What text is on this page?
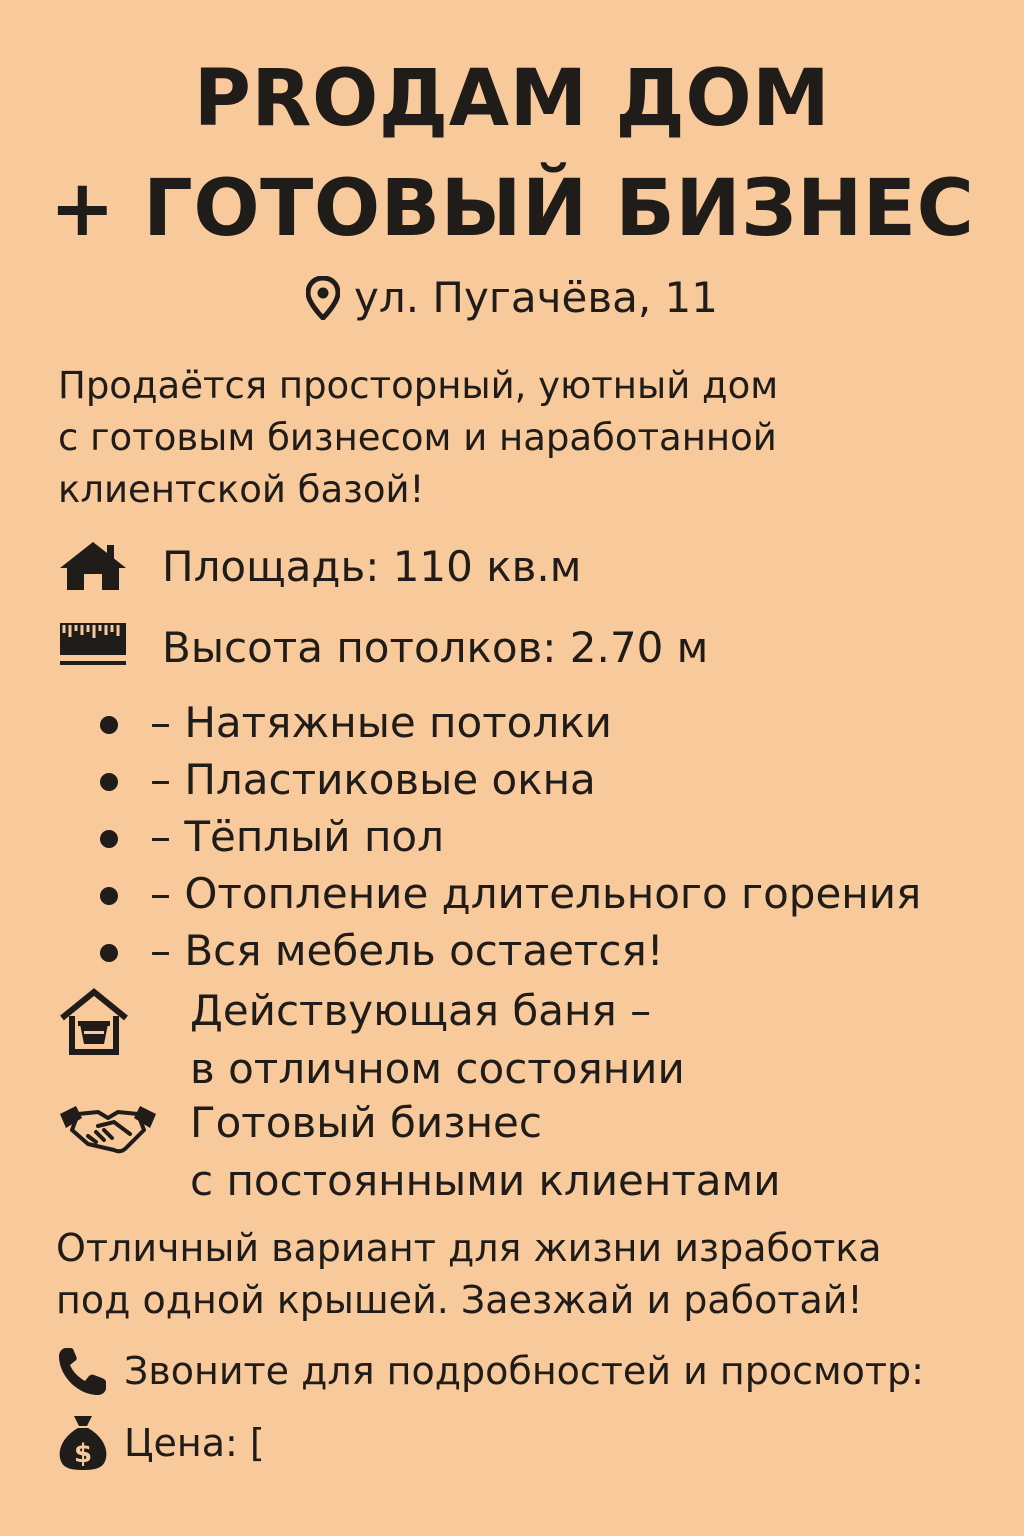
PRОДАМ ДОМ
+ ГОТОВЫЙ БИЗНЕС
ул. Пугачёва, 11
Продаётся просторный, уютный дом
с готовым бизнесом и наработанной
клиентской базой!
Площадь: 110 кв.м
Высота потолков: 2.70 м
– Натяжные потолки
– Пластиковые окна
– Тёплый пол
– Отопление длительного горения
– Вся мебель остается!
Действующая баня –
в отличном состоянии
Готовый бизнес
с постоянными клиентами
Отличный вариант для жизни изработка
под одной крышей. Заезжай и работай!
Звоните для подробностей и просмотр:
$ Цена: [
